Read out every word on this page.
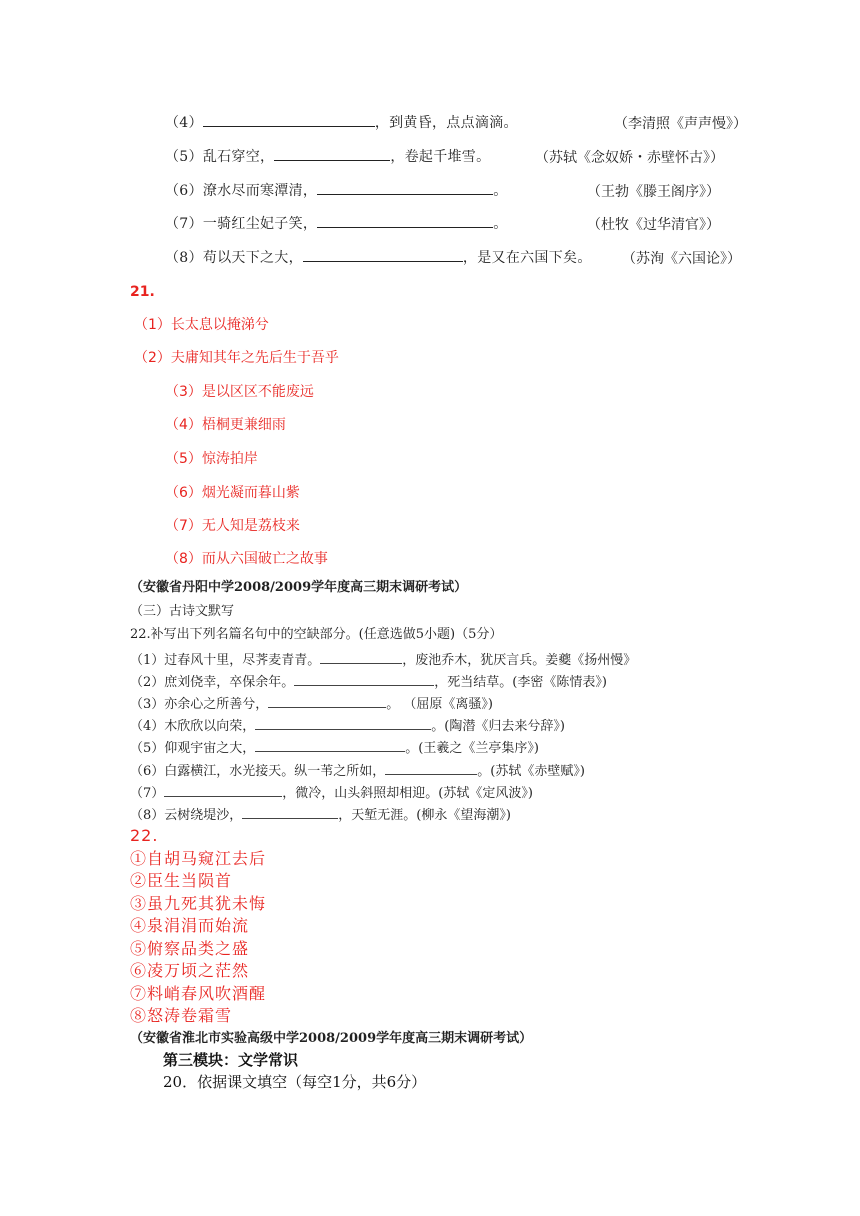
（4）	，到黄昏，点点滴滴。	（李清照《声声慢》）
（5）乱石穿空，	，卷起千堆雪。	（苏轼《念奴娇・赤壁怀古》）
（6）潦水尽而寒潭清，	。	（王勃《滕王阁序》）
（7）一骑红尘妃子笑，	。	（杜牧《过华清官》）
（8）苟以天下之大，	，是又在六国下矣。 （苏洵《六国论》）
21.
（1）长太息以掩涕兮
（2）夫庸知其年之先后生于吾乎
（3）是以区区不能废远
（4）梧桐更兼细雨
（5）惊涛拍岸
（6）烟光凝而暮山紫
（7）无人知是荔枝来
（8）而从六国破亡之故事
（安徽省丹阳中学2008/2009学年度高三期末调研考试）
（三）古诗文默写
22.补写出下列名篇名句中的空缺部分。(任意选做5小题)（5分）
（1）过春风十里，尽荠麦青青。	，废池乔木，犹厌言兵。姜夔《扬州慢》
（2）庶刘侥幸，卒保余年。	，死当结草。(李密《陈情表》)
（3）亦余心之所善兮，	。 （屈原《离骚》)
（4）木欣欣以向荣，	。(陶潜《归去来兮辞》)
（5）仰观宇宙之大，	。(王羲之《兰亭集序》)
（6）白露横江，水光接天。纵一苇之所如，	。(苏轼《赤壁赋》)
（7）	，微冷，山头斜照却相迎。(苏轼《定风波》)
（8）云树绕堤沙，	，天堑无涯。(柳永《望海潮》)
22.
①自胡马窥江去后
②臣生当陨首
③虽九死其犹未悔
④泉涓涓而始流
⑤俯察品类之盛
⑥凌万顷之茫然
⑦料峭春风吹酒醒
⑧怒涛卷霜雪
（安徽省淮北市实验高级中学2008/2009学年度高三期末调研考试）
第三模块：文学常识
20．依据课文填空（每空1分，共6分）
